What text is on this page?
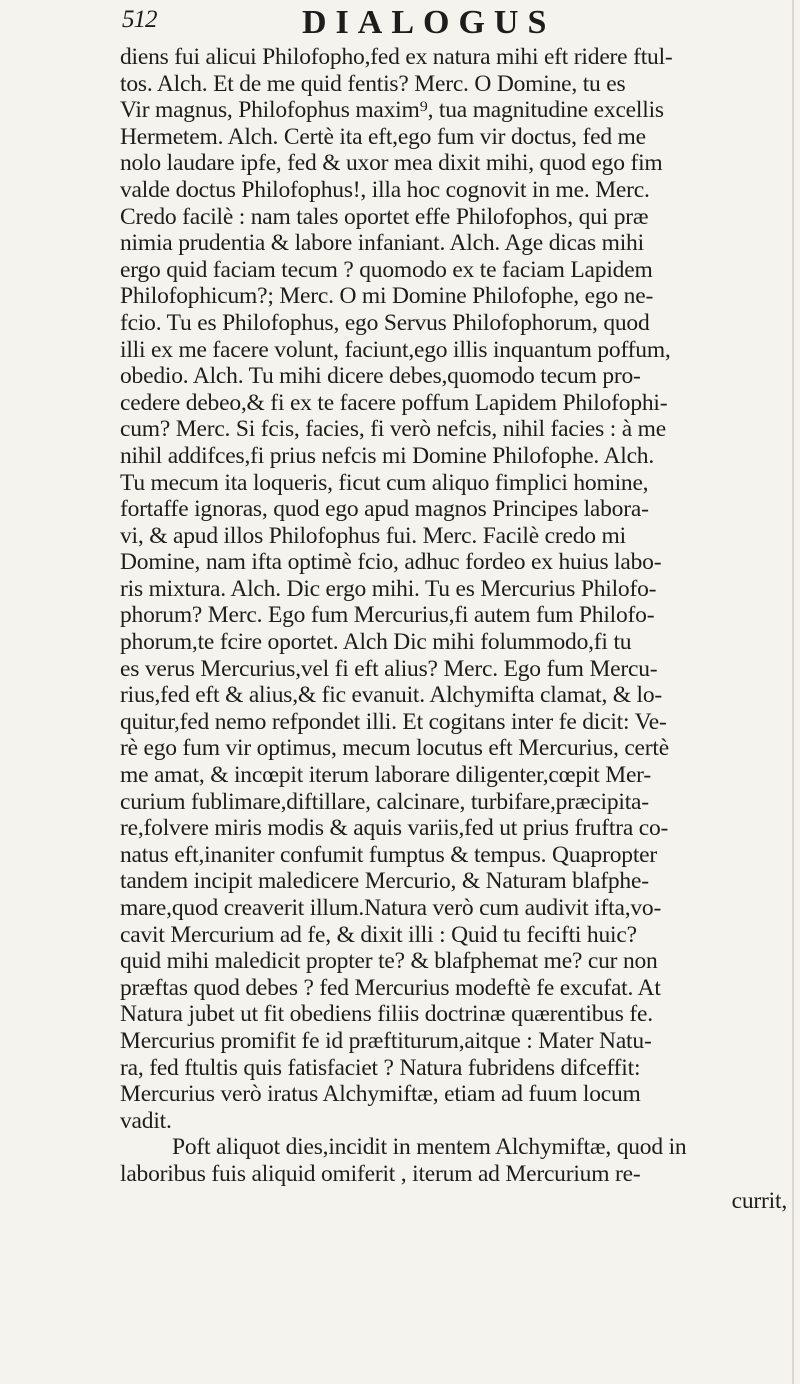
512	DIALOGUS
diens fui alicui Philofopho,fed ex natura mihi eft ridere ftul-
tos. Alch. Et de me quid fentis? Merc. O Domine, tu es
Vir magnus, Philofophus maxim⁹, tua magnitudine excellis
Hermetem. Alch. Certè ita eft,ego fum vir doctus, fed me
nolo laudare ipfe, fed & uxor mea dixit mihi, quod ego fim
valde doctus Philofophus!, illa hoc cognovit in me. Merc.
Credo facilè : nam tales oportet effe Philofophos, qui præ
nimia prudentia & labore infaniant. Alch. Age dicas mihi
ergo quid faciam tecum ? quomodo ex te faciam Lapidem
Philofophicum?; Merc. O mi Domine Philofophe, ego ne-
fcio. Tu es Philofophus, ego Servus Philofophorum, quod
illi ex me facere volunt, faciunt,ego illis inquantum poffum,
obedio. Alch. Tu mihi dicere debes,quomodo tecum pro-
cedere debeo,& fi ex te facere poffum Lapidem Philofophi-
cum? Merc. Si fcis, facies, fi verò nefcis, nihil facies : à me
nihil addifces,fi prius nefcis mi Domine Philofophe. Alch.
Tu mecum ita loqueris, ficut cum aliquo fimplici homine,
fortaffe ignoras, quod ego apud magnos Principes labora-
vi, & apud illos Philofophus fui. Merc. Facilè credo mi
Domine, nam ifta optimè fcio, adhuc fordeo ex huius labo-
ris mixtura. Alch. Dic ergo mihi. Tu es Mercurius Philofo-
phorum? Merc. Ego fum Mercurius,fi autem fum Philofo-
phorum,te fcire oportet. Alch Dic mihi folummodo,fi tu
es verus Mercurius,vel fi eft alius? Merc. Ego fum Mercu-
rius,fed eft & alius,& fic evanuit. Alchymifta clamat, & lo-
quitur,fed nemo refpondet illi. Et cogitans inter fe dicit: Ve-
rè ego fum vir optimus, mecum locutus eft Mercurius, certè
me amat, & incœpit iterum laborare diligenter,cœpit Mer-
curium fublimare,diftillare, calcinare, turbifare,præcipita-
re,folvere miris modis & aquis variis,fed ut prius fruftra co-
natus eft,inaniter confumit fumptus & tempus. Quapropter
tandem incipit maledicere Mercurio, & Naturam blafphe-
mare,quod creaverit illum.Natura verò cum audivit ifta,vo-
cavit Mercurium ad fe, & dixit illi : Quid tu fecifti huic?
quid mihi maledicit propter te? & blafphemat me? cur non
præftas quod debes ? fed Mercurius modeftè fe excufat. At
Natura jubet ut fit obediens filiis doctrinæ quærentibus fe.
Mercurius promifit fe id præftiturum,aitque : Mater Natu-
ra, fed ftultis quis fatisfaciet ? Natura fubridens difceffit:
Mercurius verò iratus Alchymiftæ, etiam ad fuum locum
vadit.
Poft aliquot dies,incidit in mentem Alchymiftæ, quod in
laboribus fuis aliquid omiferit , iterum ad Mercurium re-
currit,
